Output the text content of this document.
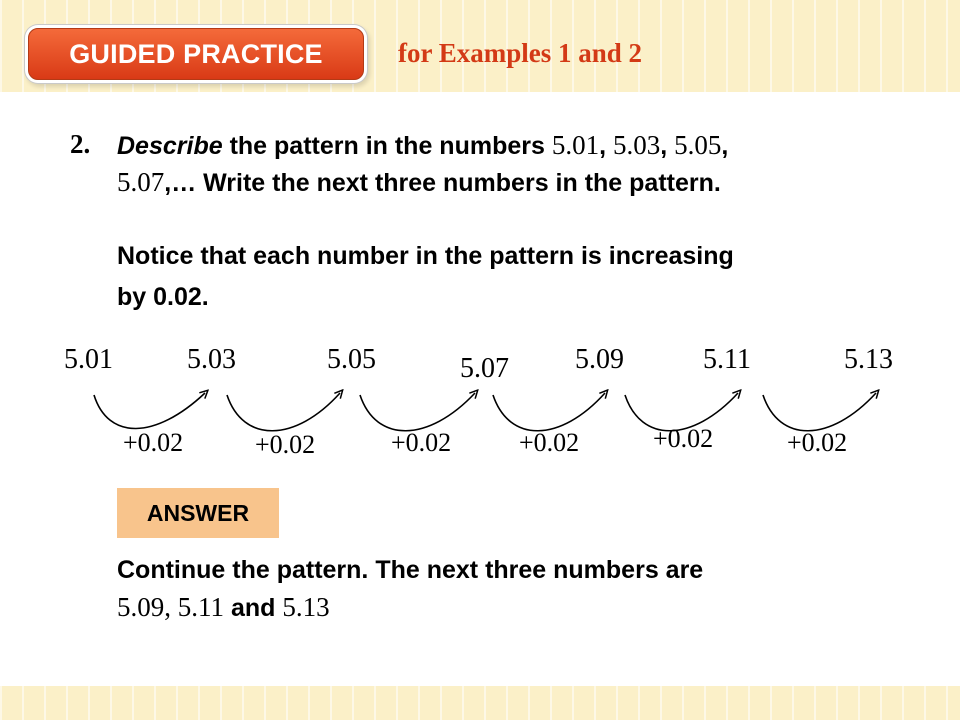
GUIDED PRACTICE	for Examples 1 and 2
2. Describe the pattern in the numbers 5.01, 5.03, 5.05,
5.07,… Write the next three numbers in the pattern.
Notice that each number in the pattern is increasing
by 0.02.
5.01	5.03	5.05	5.07 5.09	5.11	5.13
+0.02	+0.02	+0.02	+0.02	+0.02	+0.02
ANSWER
Continue the pattern. The next three numbers are
5.09, 5.11 and 5.13
